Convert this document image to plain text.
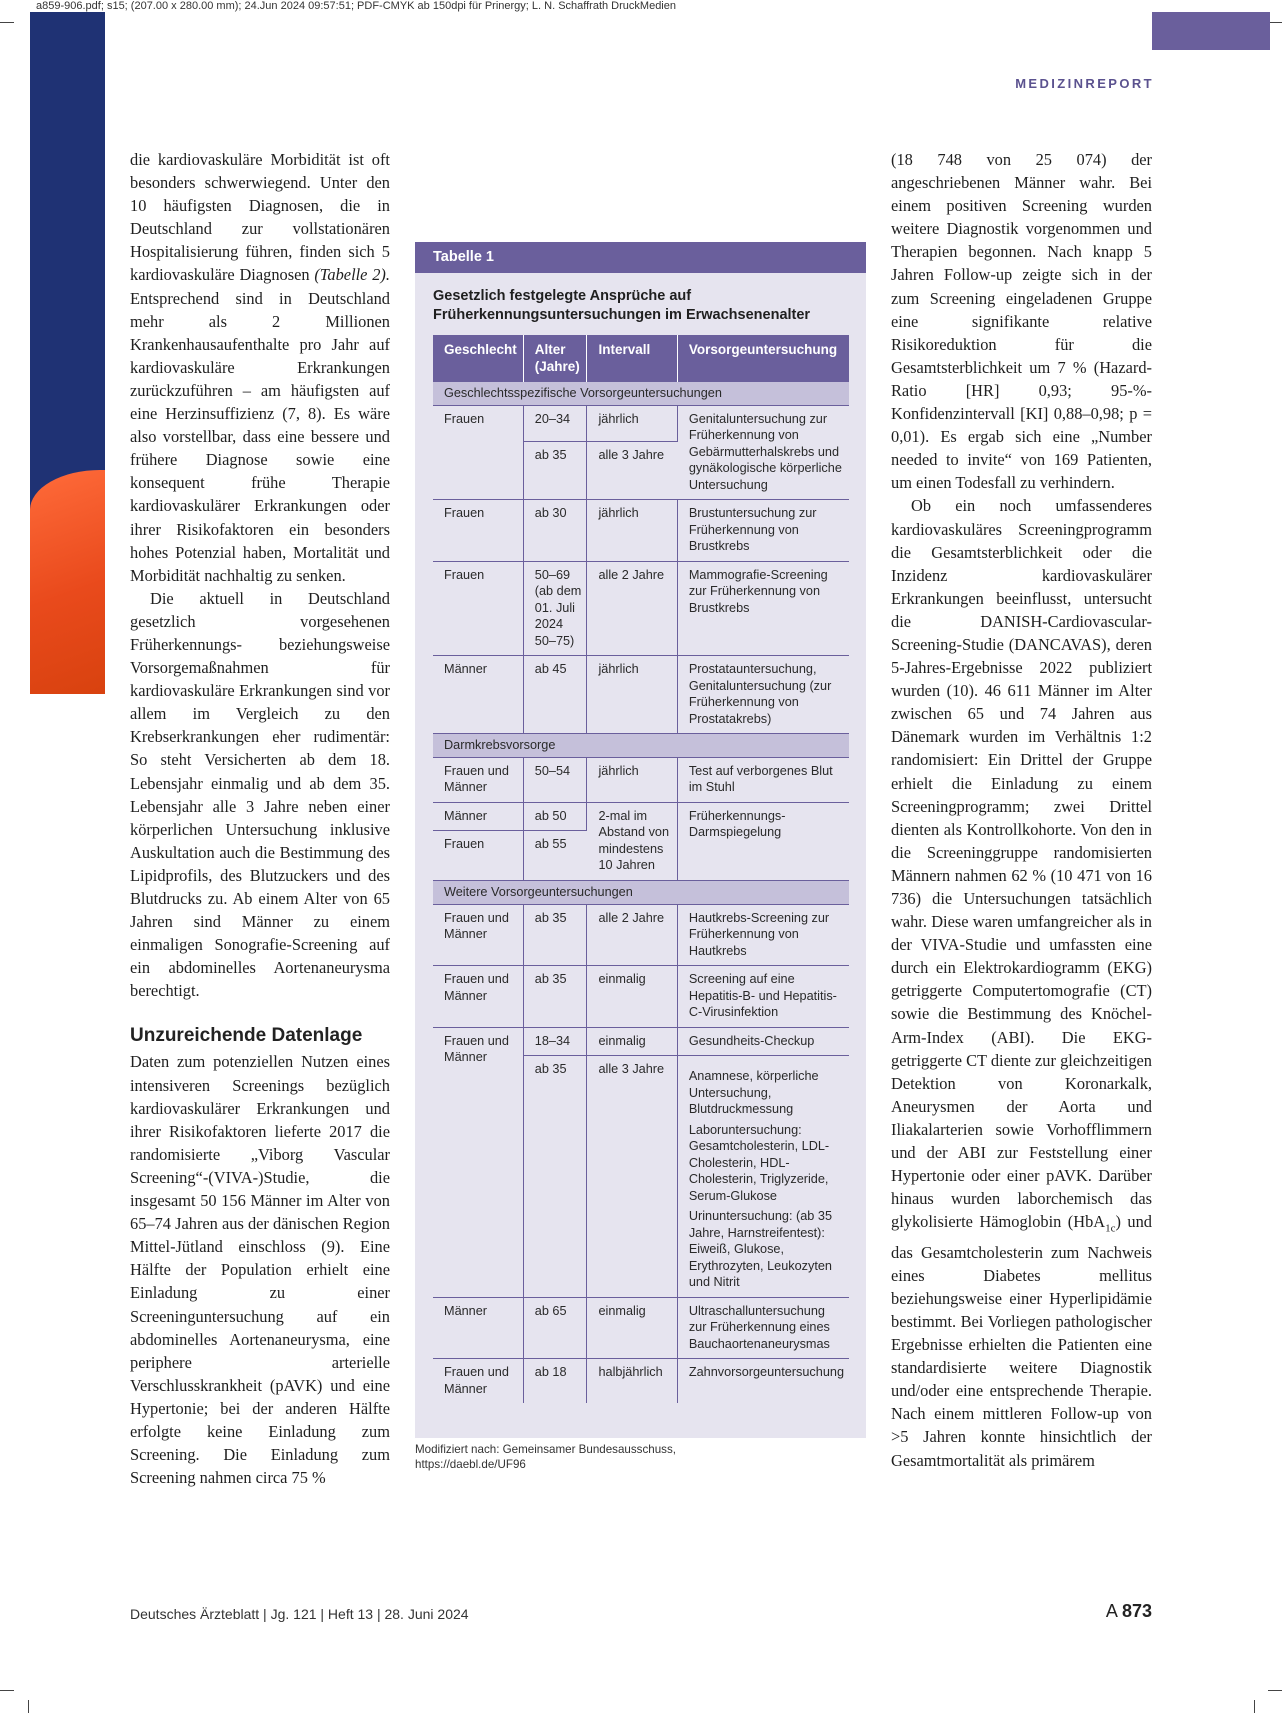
a859-906.pdf; s15; (207.00 x 280.00 mm); 24.Jun 2024 09:57:51; PDF-CMYK ab 150dpi für Prinergy; L. N. Schaffrath DruckMedien
MEDIZINREPORT

die kardiovaskuläre Morbidität ist oft besonders schwerwiegend. Unter den 10 häufigsten Diagnosen, die in Deutschland zur vollstationären Hospitalisierung führen, finden sich 5 kardiovaskuläre Diagnosen (Tabelle 2). Entsprechend sind in Deutschland mehr als 2 Millionen Krankenhausaufenthalte pro Jahr auf kardiovaskuläre Erkrankungen zurückzuführen – am häufigsten auf eine Herzinsuffizienz (7, 8). Es wäre also vorstellbar, dass eine bessere und frühere Diagnose sowie eine konsequent frühe Therapie kardiovaskulärer Erkrankungen oder ihrer Risikofaktoren ein besonders hohes Potenzial haben, Mortalität und Morbidität nachhaltig zu senken.

Die aktuell in Deutschland gesetzlich vorgesehenen Früherkennungs- beziehungsweise Vorsorgemaßnahmen für kardiovaskuläre Erkrankungen sind vor allem im Vergleich zu den Krebserkrankungen eher rudimentär: So steht Versicherten ab dem 18. Lebensjahr einmalig und ab dem 35. Lebensjahr alle 3 Jahre neben einer körperlichen Untersuchung inklusive Auskultation auch die Bestimmung des Lipidprofils, des Blutzuckers und des Blutdrucks zu. Ab einem Alter von 65 Jahren sind Männer zu einem einmaligen Sonografie-Screening auf ein abdominelles Aortenaneurysma berechtigt.

Unzureichende Datenlage

Daten zum potenziellen Nutzen eines intensiveren Screenings bezüglich kardiovaskulärer Erkrankungen und ihrer Risikofaktoren lieferte 2017 die randomisierte „Viborg Vascular Screening“-(VIVA-)Studie, die insgesamt 50 156 Männer im Alter von 65–74 Jahren aus der dänischen Region Mittel-Jütland einschloss (9). Eine Hälfte der Population erhielt eine Einladung zu einer Screeninguntersuchung auf ein abdominelles Aortenaneurysma, eine periphere arterielle Verschlusskrankheit (pAVK) und eine Hypertonie; bei der anderen Hälfte erfolgte keine Einladung zum Screening. Die Einladung zum Screening nahmen circa 75 %

Tabelle 1
Gesetzlich festgelegte Ansprüche auf Früherkennungsuntersuchungen im Erwachsenenalter
Geschlecht	Alter (Jahre)	Intervall	Vorsorgeuntersuchung
Geschlechtsspezifische Vorsorgeuntersuchungen			
Frauen	20–34	jährlich	Genitaluntersuchung zur Früherkennung von Gebärmutterhalskrebs und gynäkologische körperliche Untersuchung
	ab 35	alle 3 Jahre	
Frauen	ab 30	jährlich	Brustuntersuchung zur Früherkennung von Brustkrebs
Frauen	50–69 (ab dem 01. Juli 2024 50–75)	alle 2 Jahre	Mammografie-Screening zur Früherkennung von Brustkrebs
Männer	ab 45	jährlich	Prostatauntersuchung, Genitaluntersuchung (zur Früherkennung von Prostatakrebs)
Darmkrebsvorsorge			
Frauen und Männer	50–54	jährlich	Test auf verborgenes Blut im Stuhl
Männer	ab 50	2-mal im Abstand von mindestens 10 Jahren	Früherkennungs-Darmspiegelung
Frauen	ab 55		
Weitere Vorsorgeuntersuchungen			
Frauen und Männer	ab 35	alle 2 Jahre	Hautkrebs-Screening zur Früherkennung von Hautkrebs
Frauen und Männer	ab 35	einmalig	Screening auf eine Hepatitis-B- und Hepatitis-C-Virusinfektion
Frauen und Männer	18–34	einmalig	Gesundheits-Checkup
	ab 35	alle 3 Jahre	Anamnese, körperliche Untersuchung, Blutdruckmessung
Laboruntersuchung: Gesamtcholesterin, LDL-Cholesterin, HDL-Cholesterin, Triglyzeride, Serum-Glukose
Urinuntersuchung: (ab 35 Jahre, Harnstreifentest): Eiweiß, Glukose, Erythrozyten, Leukozyten und Nitrit

Männer	ab 65	einmalig	Ultraschalluntersuchung zur Früherkennung eines Bauchaortenaneurysmas
Frauen und Männer	ab 18	halbjährlich	Zahnvorsorgeuntersuchung
Modifiziert nach: Gemeinsamer Bundesausschuss, https://daebl.de/UF96

(18 748 von 25 074) der angeschriebenen Männer wahr. Bei einem positiven Screening wurden weitere Diagnostik vorgenommen und Therapien begonnen. Nach knapp 5 Jahren Follow-up zeigte sich in der zum Screening eingeladenen Gruppe eine signifikante relative Risikoreduktion für die Gesamtsterblichkeit um 7 % (Hazard-Ratio [HR] 0,93; 95-%-Konfidenzintervall [KI] 0,88–0,98; p = 0,01). Es ergab sich eine „Number needed to invite“ von 169 Patienten, um einen Todesfall zu verhindern.

Ob ein noch umfassenderes kardiovaskuläres Screeningprogramm die Gesamtsterblichkeit oder die Inzidenz kardiovaskulärer Erkrankungen beeinflusst, untersucht die DANISH-Cardiovascular-Screening-Studie (DANCAVAS), deren 5-Jahres-Ergebnisse 2022 publiziert wurden (10). 46 611 Männer im Alter zwischen 65 und 74 Jahren aus Dänemark wurden im Verhältnis 1:2 randomisiert: Ein Drittel der Gruppe erhielt die Einladung zu einem Screeningprogramm; zwei Drittel dienten als Kontrollkohorte. Von den in die Screeninggruppe randomisierten Männern nahmen 62 % (10 471 von 16 736) die Untersuchungen tatsächlich wahr. Diese waren umfangreicher als in der VIVA-Studie und umfassten eine durch ein Elektrokardiogramm (EKG) getriggerte Computertomografie (CT) sowie die Bestimmung des Knöchel-Arm-Index (ABI). Die EKG-getriggerte CT diente zur gleichzeitigen Detektion von Koronarkalk, Aneurysmen der Aorta und Iliakalarterien sowie Vorhofflimmern und der ABI zur Feststellung einer Hypertonie oder einer pAVK. Darüber hinaus wurden laborchemisch das glykolisierte Hämoglobin (HbA$_{1c}$) und das Gesamtcholesterin zum Nachweis eines Diabetes mellitus beziehungsweise einer Hyperlipidämie bestimmt. Bei Vorliegen pathologischer Ergebnisse erhielten die Patienten eine standardisierte weitere Diagnostik und/oder eine entsprechende Therapie. Nach einem mittleren Follow-up von >5 Jahren konnte hinsichtlich der Gesamtmortalität als primärem

Deutsches Ärzteblatt | Jg. 121 | Heft 13 | 28. Juni 2024	A 873
